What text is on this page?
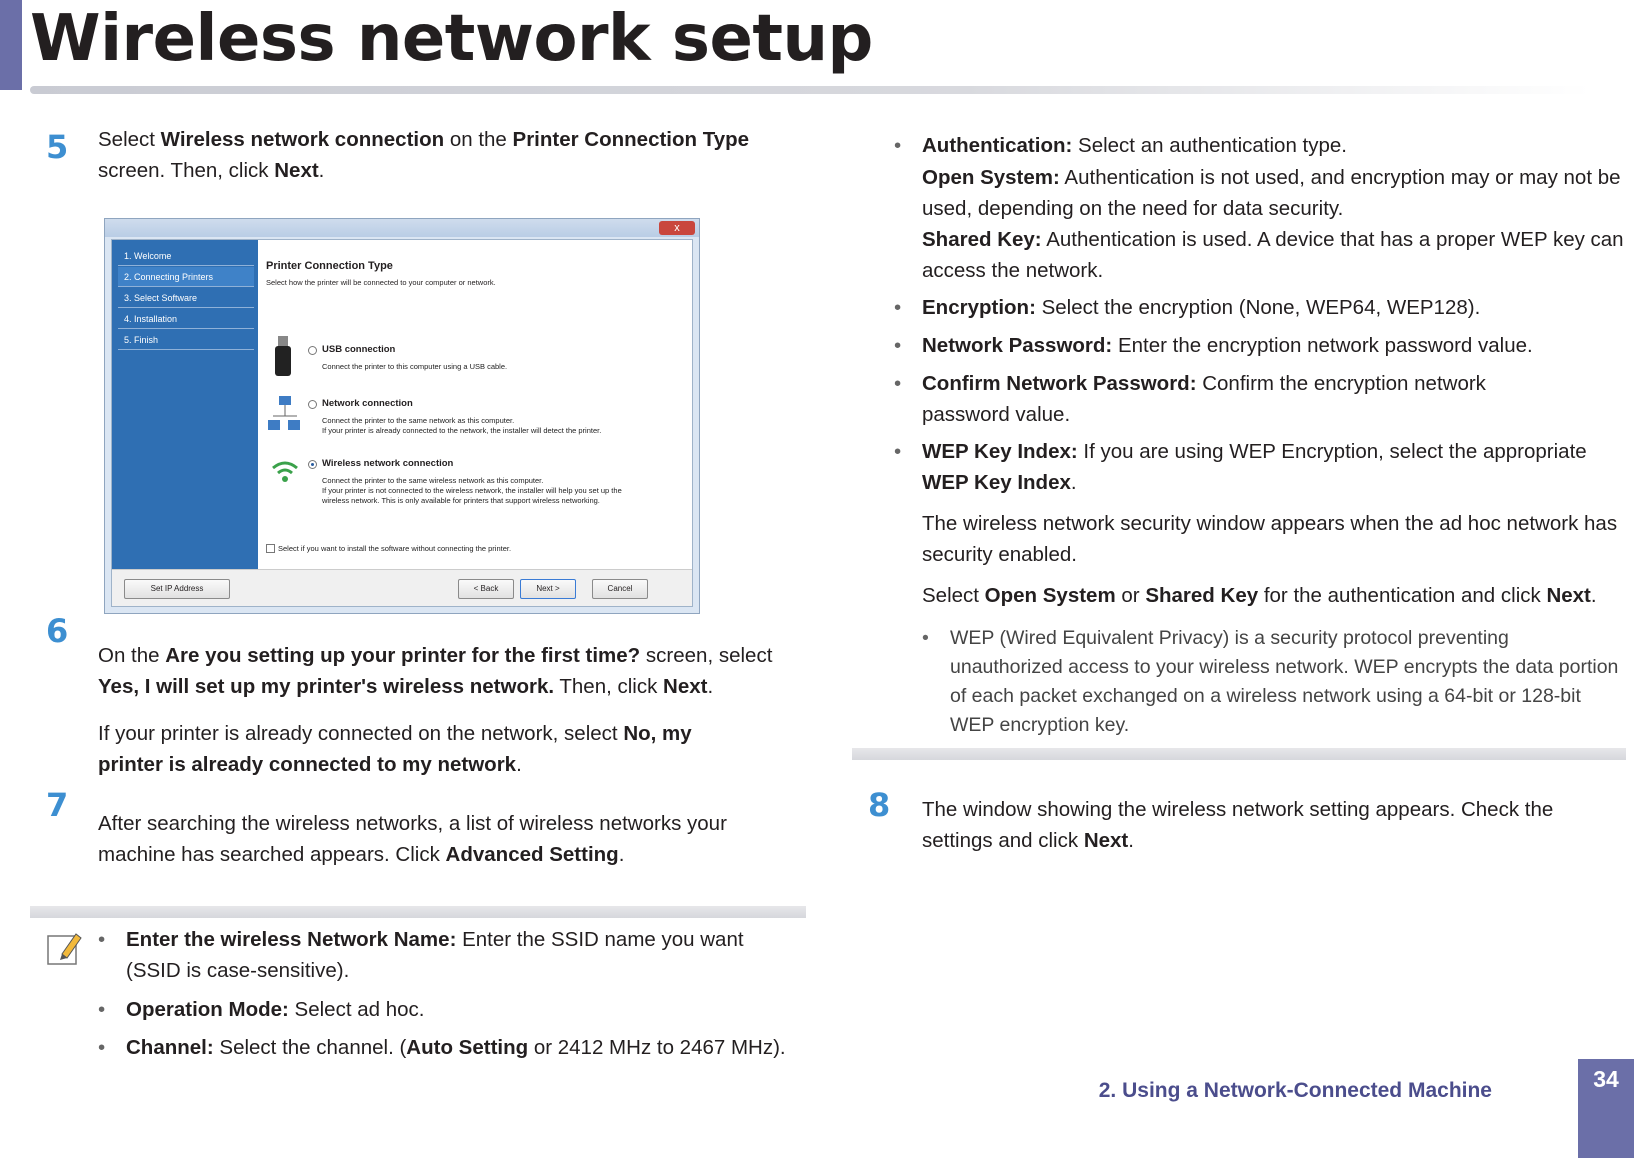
Wireless network setup
5 Select Wireless network connection on the Printer Connection Type screen. Then, click Next.
x
1. Welcome
2. Connecting Printers
3. Select Software
4. Installation
5. Finish
Printer Connection Type
Select how the printer will be connected to your computer or network.
USB connection
Connect the printer to this computer using a USB cable.
Network connection
Connect the printer to the same network as this computer.
If your printer is already connected to the network, the installer will detect the printer.
Wireless network connection
Connect the printer to the same wireless network as this computer.
If your printer is not connected to the wireless network, the installer will help you set up the
wireless network. This is only available for printers that support wireless networking.
Select if you want to install the software without connecting the printer.
Set IP Address	< Back	Next >	Cancel
6
On the Are you setting up your printer for the first time? screen, select Yes, I will set up my printer's wireless network. Then, click Next.
If your printer is already connected on the network, select No, my printer is already connected to my network.
7 After searching the wireless networks, a list of wireless networks your machine has searched appears. Click Advanced Setting.
•	Enter the wireless Network Name: Enter the SSID name you want (SSID is case-sensitive).
•	Operation Mode: Select ad hoc.
•	Channel: Select the channel. (Auto Setting or 2412 MHz to 2467 MHz).
•	Authentication: Select an authentication type.
Open System: Authentication is not used, and encryption may or may not be used, depending on the need for data security.
Shared Key: Authentication is used. A device that has a proper WEP key can access the network.
•	Encryption: Select the encryption (None, WEP64, WEP128).
•	Network Password: Enter the encryption network password value.
•	Confirm Network Password: Confirm the encryption network password value.
•	WEP Key Index: If you are using WEP Encryption, select the appropriate WEP Key Index.
The wireless network security window appears when the ad hoc network has security enabled.
Select Open System or Shared Key for the authentication and click Next.
•	WEP (Wired Equivalent Privacy) is a security protocol preventing unauthorized access to your wireless network. WEP encrypts the data portion of each packet exchanged on a wireless network using a 64-bit or 128-bit WEP encryption key.
8 The window showing the wireless network setting appears. Check the settings and click Next.
2. Using a Network-Connected Machine	34
